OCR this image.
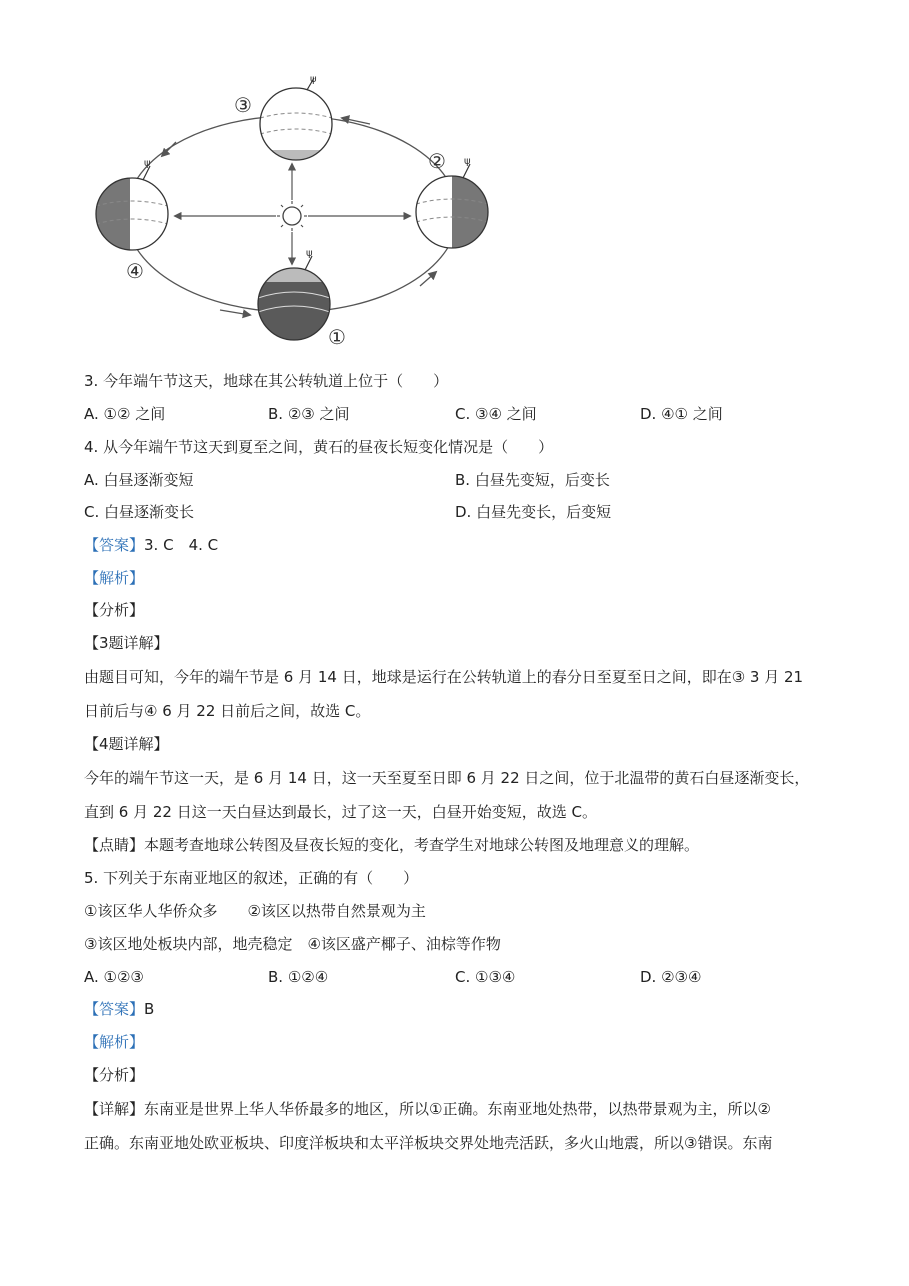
ψ
ψ
ψ
ψ
①
②
③
④
3. 今年端午节这天，地球在其公转轨道上位于（　　）
A. ①② 之间	B. ②③ 之间	C. ③④ 之间	D. ④① 之间
4. 从今年端午节这天到夏至之间，黄石的昼夜长短变化情况是（　　）
A. 白昼逐渐变短	B. 白昼先变短，后变长
C. 白昼逐渐变长	D. 白昼先变长，后变短
【答案】3. C　4. C
【解析】
【分析】
【3题详解】
由题目可知，今年的端午节是 6 月 14 日，地球是运行在公转轨道上的春分日至夏至日之间，即在③ 3 月 21
日前后与④ 6 月 22 日前后之间，故选 C。
【4题详解】
今年的端午节这一天，是 6 月 14 日，这一天至夏至日即 6 月 22 日之间，位于北温带的黄石白昼逐渐变长，
直到 6 月 22 日这一天白昼达到最长，过了这一天，白昼开始变短，故选 C。
【点睛】本题考查地球公转图及昼夜长短的变化，考查学生对地球公转图及地理意义的理解。
5. 下列关于东南亚地区的叙述，正确的有（　　）
①该区华人华侨众多　　②该区以热带自然景观为主
③该区地处板块内部，地壳稳定　④该区盛产椰子、油棕等作物
A. ①②③	B. ①②④	C. ①③④	D. ②③④
【答案】B
【解析】
【分析】
【详解】东南亚是世界上华人华侨最多的地区，所以①正确。东南亚地处热带，以热带景观为主，所以②
正确。东南亚地处欧亚板块、印度洋板块和太平洋板块交界处地壳活跃，多火山地震，所以③错误。东南
